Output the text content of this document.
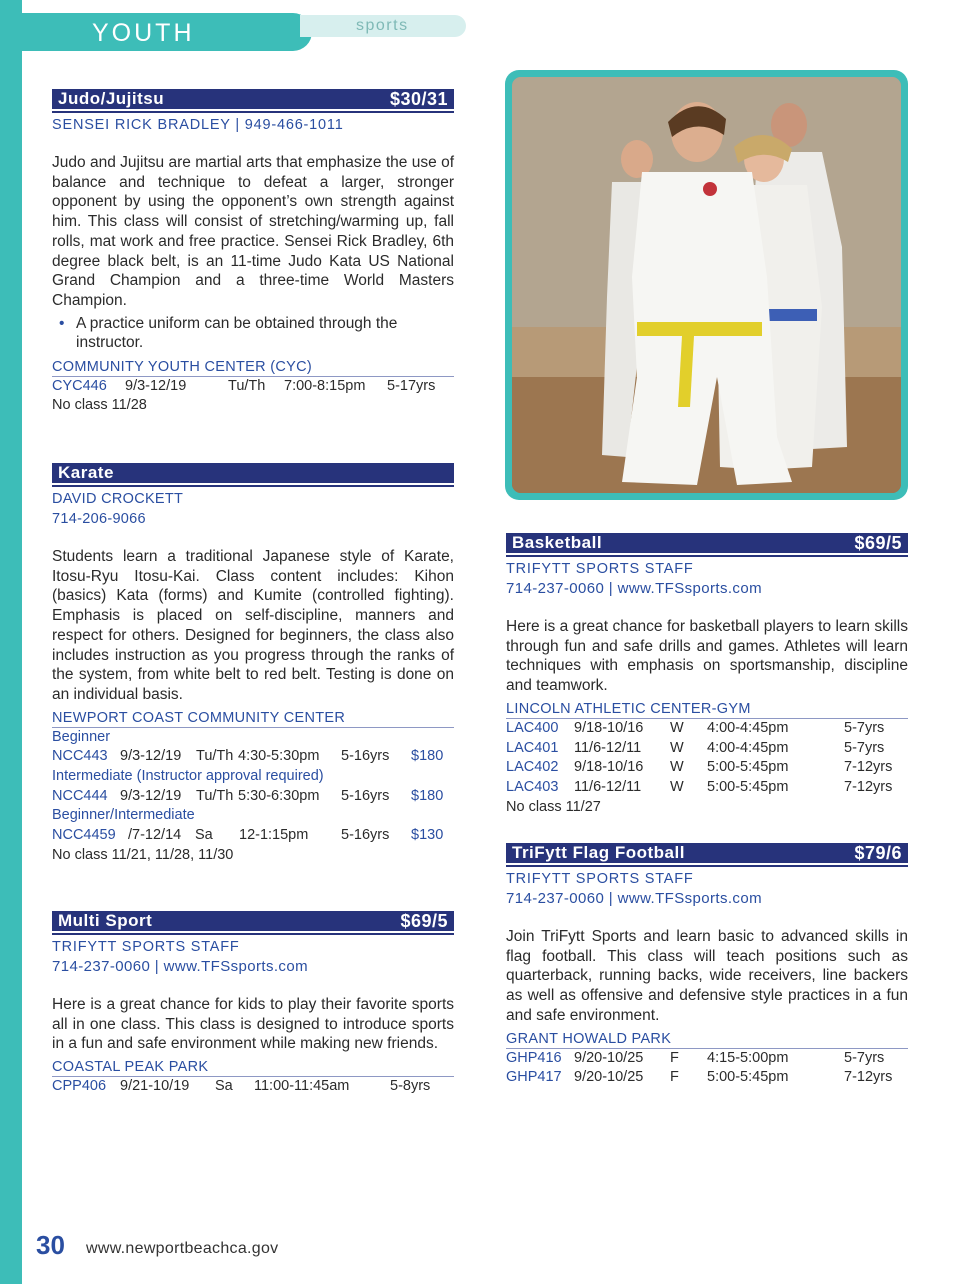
YOUTH	sports
Judo/Jujitsu	$30/31
SENSEI RICK BRADLEY | 949-466-1011
Judo and Jujitsu are martial arts that emphasize the use of balance and technique to defeat a larger, stronger opponent by using the opponent’s own strength against him. This class will consist of stretching/warming up, fall rolls, mat work and free practice. Sensei Rick Bradley, 6th degree black belt, is an 11-time Judo Kata US National Grand Champion and a three-time World Masters Champion.
• A practice uniform can be obtained through the instructor.
COMMUNITY YOUTH CENTER (CYC)
CYC446 9/3-12/19	Tu/Th 7:00-8:15pm 5-17yrs
No class 11/28
Karate
DAVID CROCKETT
714-206-9066
Students learn a traditional Japanese style of Karate, Itosu-Ryu Itosu-Kai. Class content includes: Kihon (basics) Kata (forms) and Kumite (controlled fighting). Emphasis is placed on self-discipline, manners and respect for others. Designed for beginners, the class also includes instruction as you progress through the ranks of the system, from white belt to red belt. Testing is done on an individual basis.
NEWPORT COAST COMMUNITY CENTER
Beginner
NCC443 9/3-12/19 Tu/Th 4:30-5:30pm 5-16yrs $180
Intermediate (Instructor approval required)
NCC444 9/3-12/19 Tu/Th 5:30-6:30pm 5-16yrs $180
Beginner/Intermediate
NCC4459 /7-12/14 Sa 12-1:15pm 5-16yrs $130
No class 11/21, 11/28, 11/30
Multi Sport	$69/5
TRIFYTT SPORTS STAFF
714-237-0060 | www.TFSsports.com
Here is a great chance for kids to play their favorite sports all in one class. This class is designed to introduce sports in a fun and safe environment while making new friends.
COASTAL PEAK PARK
CPP406 9/21-10/19 Sa 11:00-11:45am	5-8yrs
Basketball	$69/5
TRIFYTT SPORTS STAFF
714-237-0060 | www.TFSsports.com
Here is a great chance for basketball players to learn skills through fun and safe drills and games. Athletes will learn techniques with emphasis on sportsmanship, discipline and teamwork.
LINCOLN ATHLETIC CENTER-GYM
LAC400 9/18-10/16 W 4:00-4:45pm	5-7yrs
LAC401 11/6-12/11 W 4:00-4:45pm	5-7yrs
LAC402 9/18-10/16 W 5:00-5:45pm	7-12yrs
LAC403 11/6-12/11 W 5:00-5:45pm	7-12yrs
No class 11/27
TriFytt Flag Football	$79/6
TRIFYTT SPORTS STAFF
714-237-0060 | www.TFSsports.com
Join TriFytt Sports and learn basic to advanced skills in flag football. This class will teach positions such as quarterback, running backs, wide receivers, line backers as well as offensive and defensive style practices in a fun and safe environment.
GRANT HOWALD PARK
GHP416 9/20-10/25 F 4:15-5:00pm	5-7yrs
GHP417 9/20-10/25 F 5:00-5:45pm	7-12yrs
30 www.newportbeachca.gov
